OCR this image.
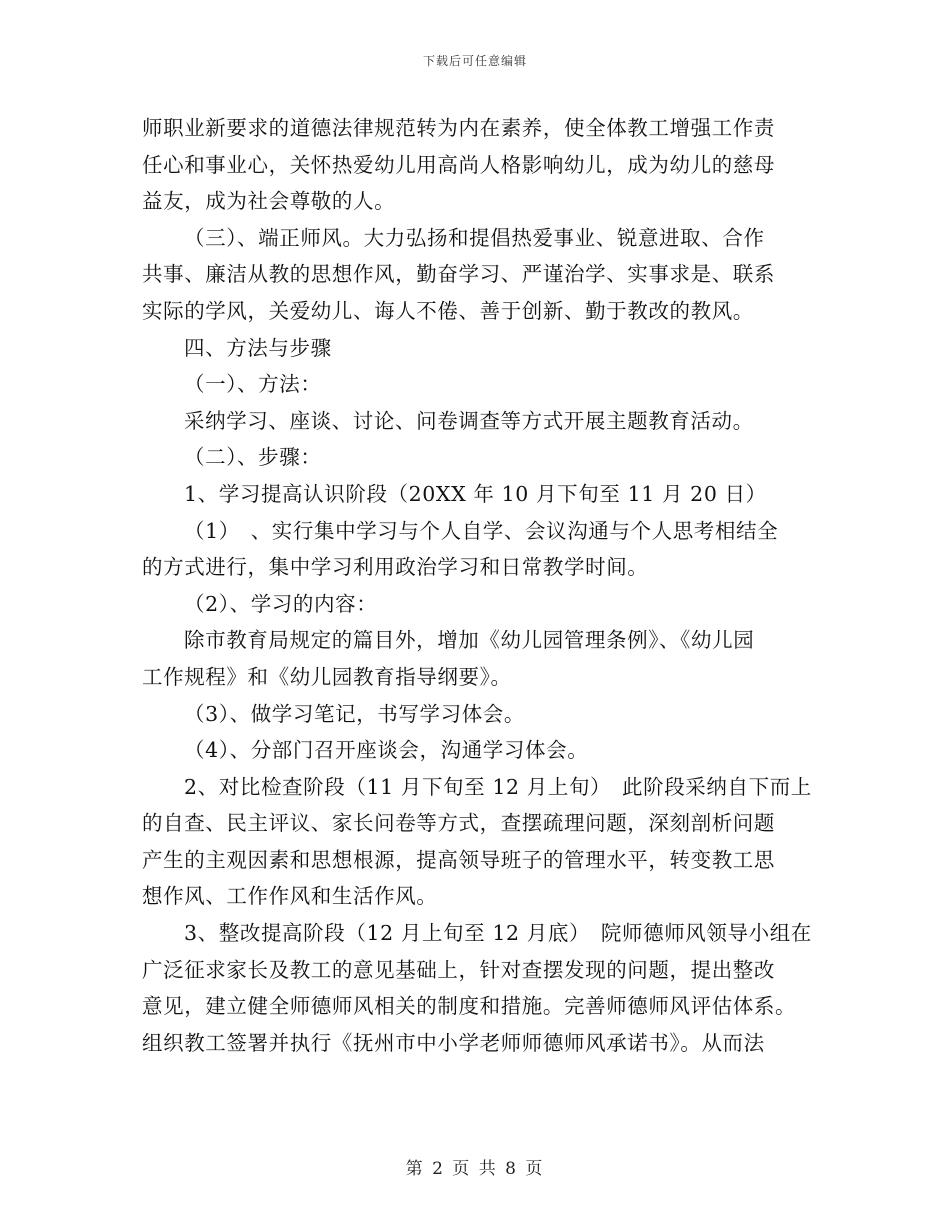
下载后可任意编辑
师职业新要求的道德法律规范转为内在素养，使全体教工增强工作责
任心和事业心，关怀热爱幼儿用高尚人格影响幼儿，成为幼儿的慈母
益友，成为社会尊敬的人。
（三）、端正师风。大力弘扬和提倡热爱事业、锐意进取、合作
共事、廉洁从教的思想作风，勤奋学习、严谨治学、实事求是、联系
实际的学风，关爱幼儿、诲人不倦、善于创新、勤于教改的教风。
四、方法与步骤
（一）、方法：
采纳学习、座谈、讨论、问卷调查等方式开展主题教育活动。
（二）、步骤：
1、学习提高认识阶段（20XX 年 10 月下旬至 11 月 20 日）
（1）　、实行集中学习与个人自学、会议沟通与个人思考相结全
的方式进行，集中学习利用政治学习和日常教学时间。
（2）、学习的内容：
除市教育局规定的篇目外，增加《幼儿园管理条例》、《幼儿园
工作规程》和《幼儿园教育指导纲要》。
（3）、做学习笔记，书写学习体会。
（4）、分部门召开座谈会，沟通学习体会。
2、对比检查阶段（11 月下旬至 12 月上旬）　此阶段采纳自下而上
的自查、民主评议、家长问卷等方式，查摆疏理问题，深刻剖析问题
产生的主观因素和思想根源，提高领导班子的管理水平，转变教工思
想作风、工作作风和生活作风。
3、整改提高阶段（12 月上旬至 12 月底）　院师德师风领导小组在
广泛征求家长及教工的意见基础上，针对查摆发现的问题，提出整改
意见，建立健全师德师风相关的制度和措施。完善师德师风评估体系。
组织教工签署并执行《抚州市中小学老师师德师风承诺书》。从而法
第 2 页 共 8 页
